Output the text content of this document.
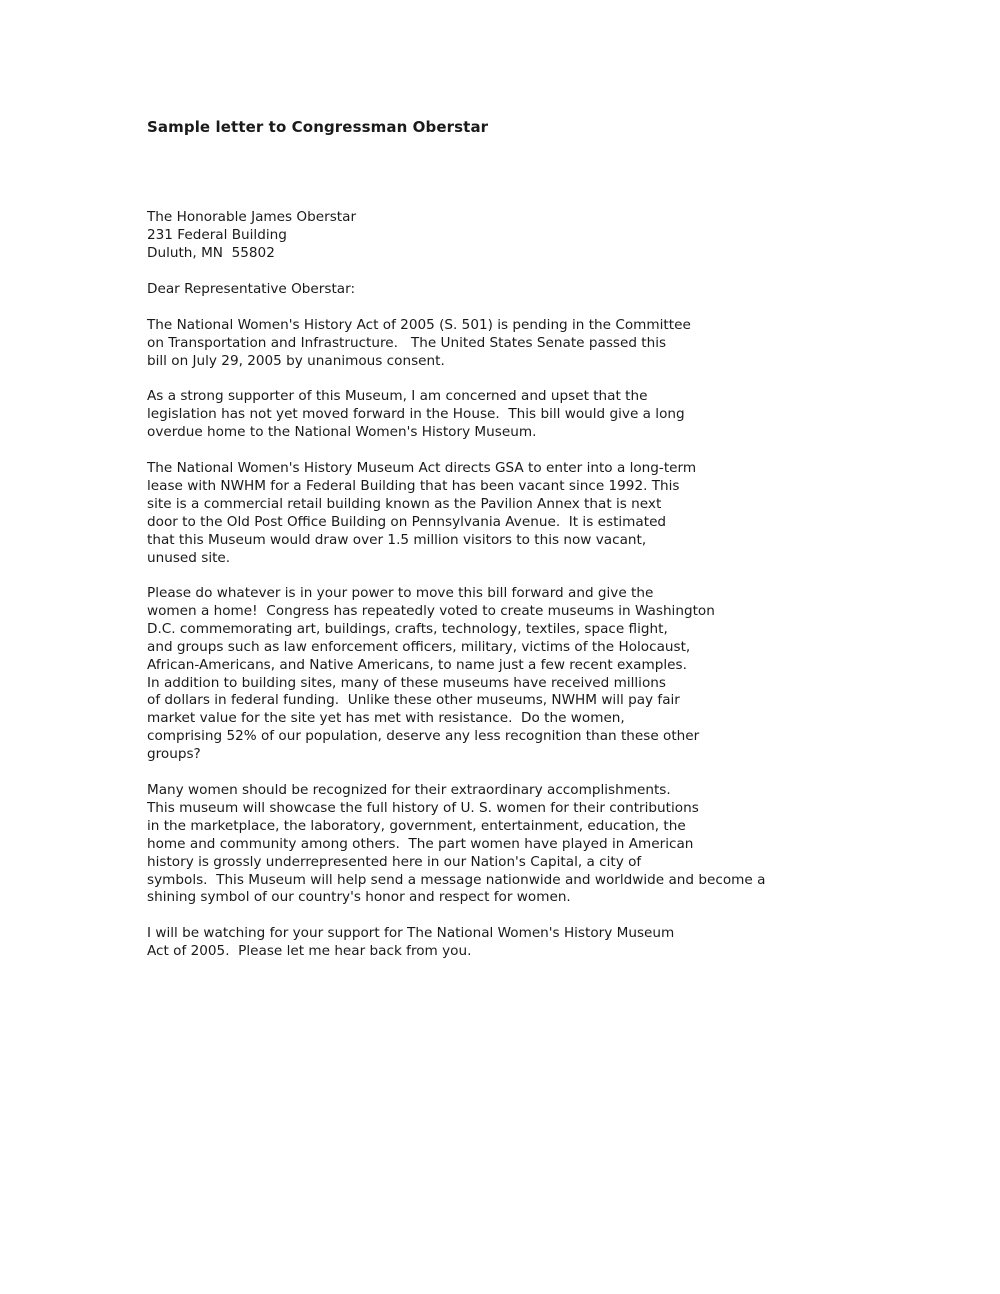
Sample letter to Congressman Oberstar
The Honorable James Oberstar
231 Federal Building
Duluth, MN  55802
Dear Representative Oberstar:
The National Women's History Act of 2005 (S. 501) is pending in the Committee
on Transportation and Infrastructure.   The United States Senate passed this
bill on July 29, 2005 by unanimous consent.
As a strong supporter of this Museum, I am concerned and upset that the
legislation has not yet moved forward in the House.  This bill would give a long
overdue home to the National Women's History Museum.
The National Women's History Museum Act directs GSA to enter into a long-term
lease with NWHM for a Federal Building that has been vacant since 1992. This
site is a commercial retail building known as the Pavilion Annex that is next
door to the Old Post Office Building on Pennsylvania Avenue.  It is estimated
that this Museum would draw over 1.5 million visitors to this now vacant,
unused site.
Please do whatever is in your power to move this bill forward and give the
women a home!  Congress has repeatedly voted to create museums in Washington
D.C. commemorating art, buildings, crafts, technology, textiles, space flight,
and groups such as law enforcement officers, military, victims of the Holocaust,
African-Americans, and Native Americans, to name just a few recent examples.
In addition to building sites, many of these museums have received millions
of dollars in federal funding.  Unlike these other museums, NWHM will pay fair
market value for the site yet has met with resistance.  Do the women,
comprising 52% of our population, deserve any less recognition than these other
groups?
Many women should be recognized for their extraordinary accomplishments.
This museum will showcase the full history of U. S. women for their contributions
in the marketplace, the laboratory, government, entertainment, education, the
home and community among others.  The part women have played in American
history is grossly underrepresented here in our Nation's Capital, a city of
symbols.  This Museum will help send a message nationwide and worldwide and become a
shining symbol of our country's honor and respect for women.
I will be watching for your support for The National Women's History Museum
Act of 2005.  Please let me hear back from you.
